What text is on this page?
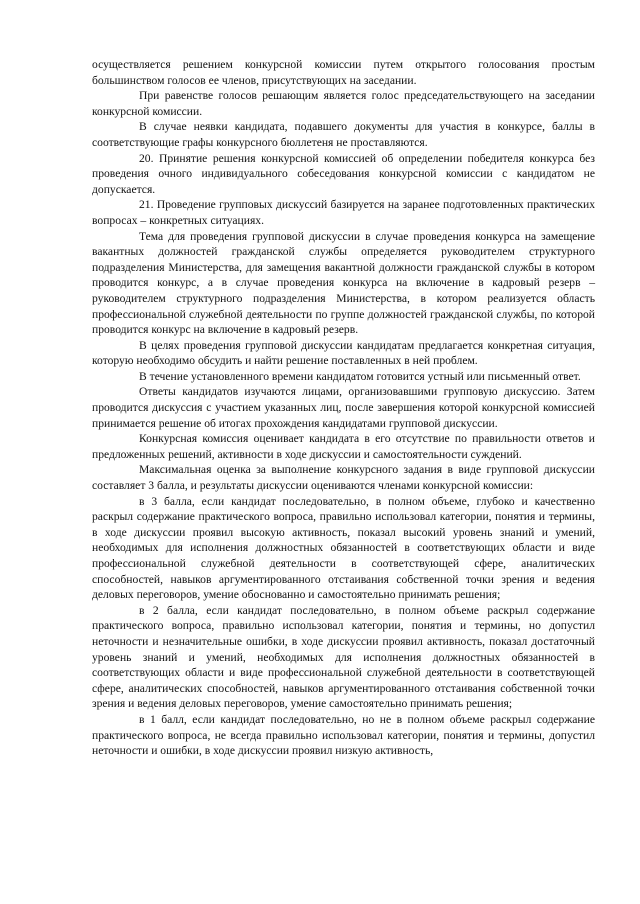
осуществляется решением конкурсной комиссии путем открытого голосования простым большинством голосов ее членов, присутствующих на заседании.

При равенстве голосов решающим является голос председательствующего на заседании конкурсной комиссии.

В случае неявки кандидата, подавшего документы для участия в конкурсе, баллы в соответствующие графы конкурсного бюллетеня не проставляются.

20. Принятие решения конкурсной комиссией об определении победителя конкурса без проведения очного индивидуального собеседования конкурсной комиссии с кандидатом не допускается.

21. Проведение групповых дискуссий базируется на заранее подготовленных практических вопросах – конкретных ситуациях.

Тема для проведения групповой дискуссии в случае проведения конкурса на замещение вакантных должностей гражданской службы определяется руководителем структурного подразделения Министерства, для замещения вакантной должности гражданской службы в котором проводится конкурс, а в случае проведения конкурса на включение в кадровый резерв – руководителем структурного подразделения Министерства, в котором реализуется область профессиональной служебной деятельности по группе должностей гражданской службы, по которой проводится конкурс на включение в кадровый резерв.

В целях проведения групповой дискуссии кандидатам предлагается конкретная ситуация, которую необходимо обсудить и найти решение поставленных в ней проблем.

В течение установленного времени кандидатом готовится устный или письменный ответ.

Ответы кандидатов изучаются лицами, организовавшими групповую дискуссию. Затем проводится дискуссия с участием указанных лиц, после завершения которой конкурсной комиссией принимается решение об итогах прохождения кандидатами групповой дискуссии.

Конкурсная комиссия оценивает кандидата в его отсутствие по правильности ответов и предложенных решений, активности в ходе дискуссии и самостоятельности суждений.

Максимальная оценка за выполнение конкурсного задания в виде групповой дискуссии составляет 3 балла, и результаты дискуссии оцениваются членами конкурсной комиссии:

в 3 балла, если кандидат последовательно, в полном объеме, глубоко и качественно раскрыл содержание практического вопроса, правильно использовал категории, понятия и термины, в ходе дискуссии проявил высокую активность, показал высокий уровень знаний и умений, необходимых для исполнения должностных обязанностей в соответствующих области и виде профессиональной служебной деятельности в соответствующей сфере, аналитических способностей, навыков аргументированного отстаивания собственной точки зрения и ведения деловых переговоров, умение обоснованно и самостоятельно принимать решения;

в 2 балла, если кандидат последовательно, в полном объеме раскрыл содержание практического вопроса, правильно использовал категории, понятия и термины, но допустил неточности и незначительные ошибки, в ходе дискуссии проявил активность, показал достаточный уровень знаний и умений, необходимых для исполнения должностных обязанностей в соответствующих области и виде профессиональной служебной деятельности в соответствующей сфере, аналитических способностей, навыков аргументированного отстаивания собственной точки зрения и ведения деловых переговоров, умение самостоятельно принимать решения;

в 1 балл, если кандидат последовательно, но не в полном объеме раскрыл содержание практического вопроса, не всегда правильно использовал категории, понятия и термины, допустил неточности и ошибки, в ходе дискуссии проявил низкую активность,
